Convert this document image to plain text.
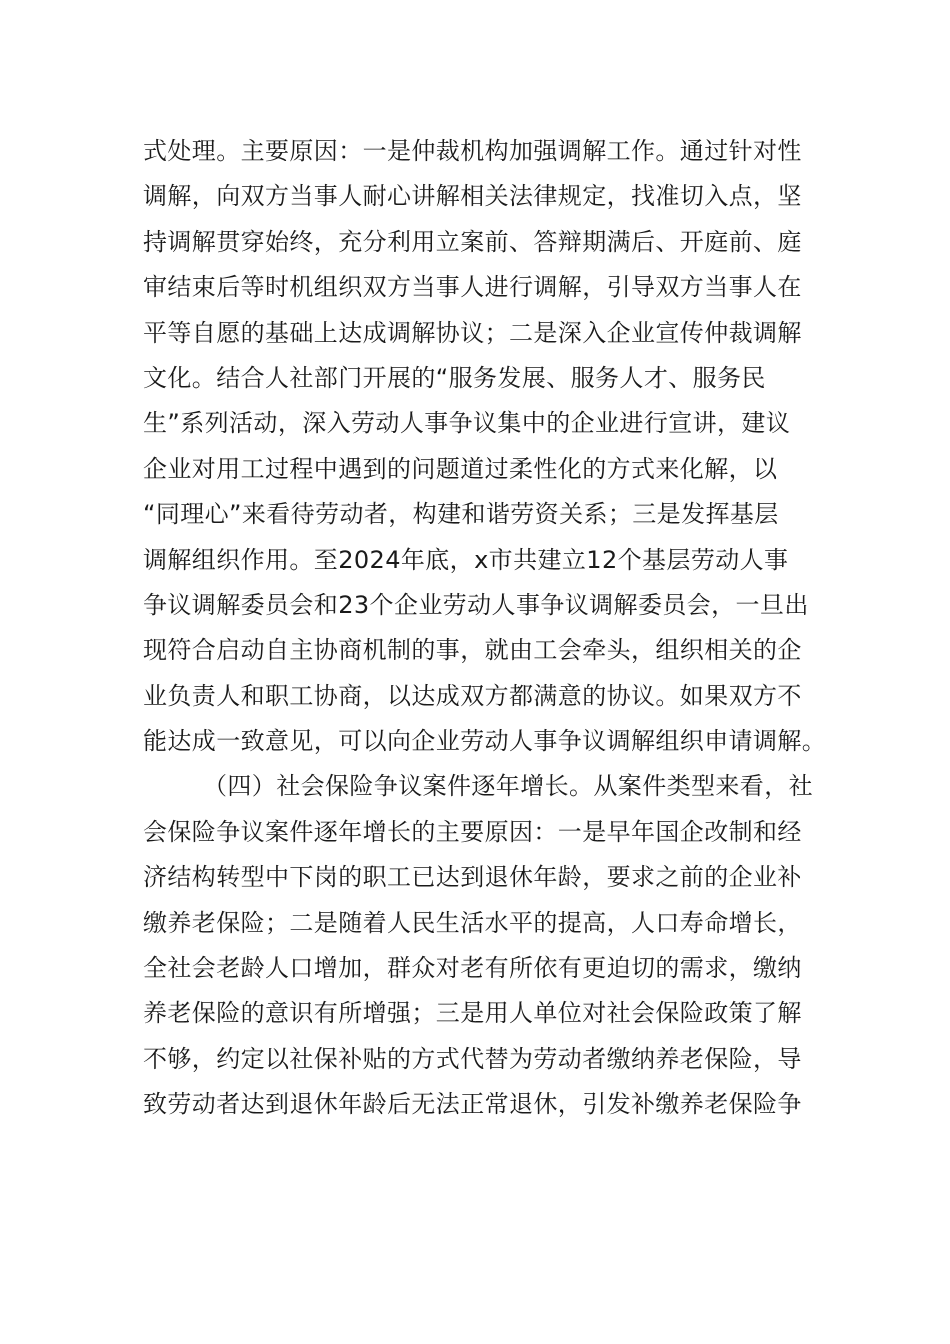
式处理。主要原因：一是仲裁机构加强调解工作。通过针对性
调解，向双方当事人耐心讲解相关法律规定，找准切入点，坚
持调解贯穿始终，充分利用立案前、答辩期满后、开庭前、庭
审结束后等时机组织双方当事人进行调解，引导双方当事人在
平等自愿的基础上达成调解协议；二是深入企业宣传仲裁调解
文化。结合人社部门开展的“服务发展、服务人才、服务民
生”系列活动，深入劳动人事争议集中的企业进行宣讲，建议
企业对用工过程中遇到的问题道过柔性化的方式来化解，以
“同理心”来看待劳动者，构建和谐劳资关系；三是发挥基层
调解组织作用。至2024年底，x市共建立12个基层劳动人事
争议调解委员会和23个企业劳动人事争议调解委员会，一旦出
现符合启动自主协商机制的事，就由工会牵头，组织相关的企
业负责人和职工协商，以达成双方都满意的协议。如果双方不
能达成一致意见，可以向企业劳动人事争议调解组织申请调解。
（四）社会保险争议案件逐年增长。从案件类型来看，社
会保险争议案件逐年增长的主要原因：一是早年国企改制和经
济结构转型中下岗的职工已达到退休年龄，要求之前的企业补
缴养老保险；二是随着人民生活水平的提高，人口寿命增长，
全社会老龄人口增加，群众对老有所依有更迫切的需求，缴纳
养老保险的意识有所增强；三是用人单位对社会保险政策了解
不够，约定以社保补贴的方式代替为劳动者缴纳养老保险，导
致劳动者达到退休年龄后无法正常退休，引发补缴养老保险争
